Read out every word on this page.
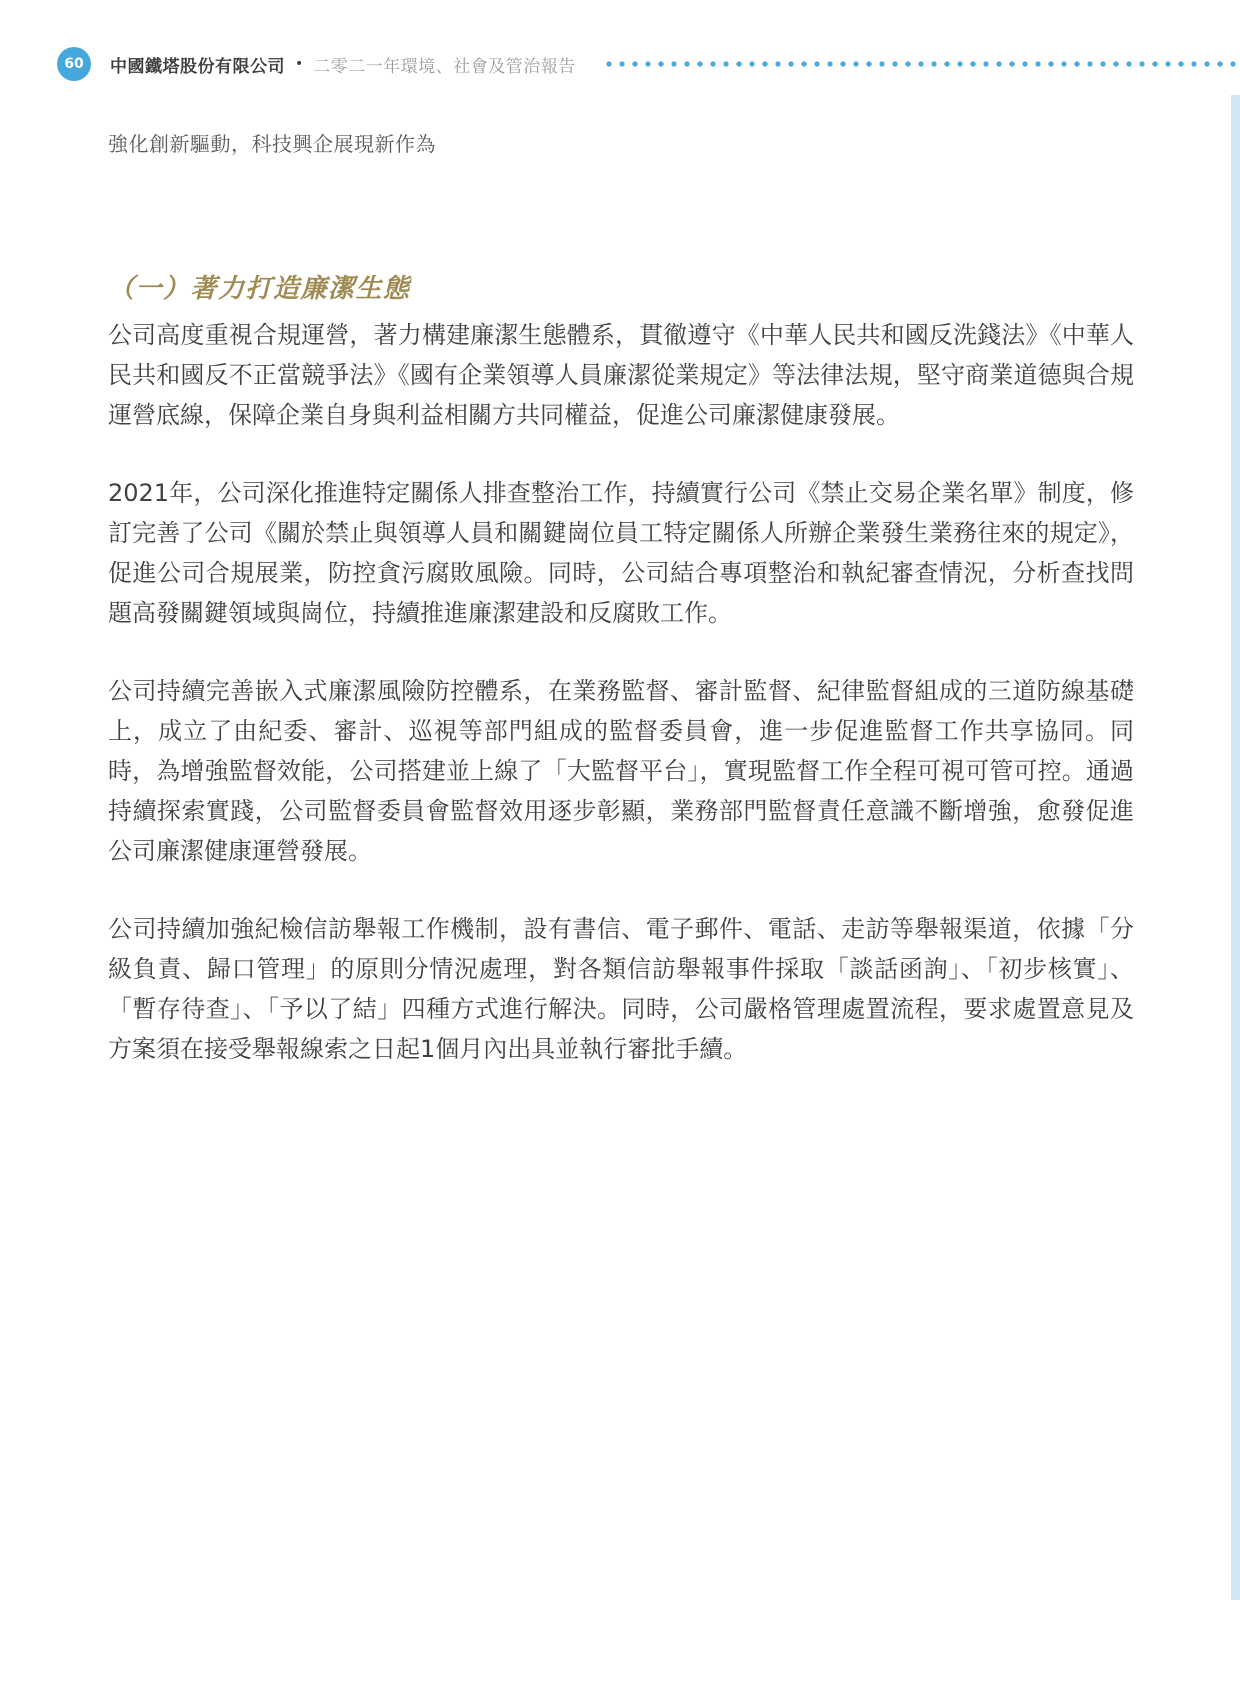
60	中國鐵塔股份有限公司 • 二零二一年環境、社會及管治報告
強化創新驅動，科技興企展現新作為
（一）著力打造廉潔生態

公司高度重視合規運營，著力構建廉潔生態體系，貫徹遵守《中華人民共和國反洗錢法》《中華人民共和國反不正當競爭法》《國有企業領導人員廉潔從業規定》等法律法規，堅守商業道德與合規運營底線，保障企業自身與利益相關方共同權益，促進公司廉潔健康發展。

2021年，公司深化推進特定關係人排查整治工作，持續實行公司《禁止交易企業名單》制度，修訂完善了公司《關於禁止與領導人員和關鍵崗位員工特定關係人所辦企業發生業務往來的規定》，促進公司合規展業，防控貪污腐敗風險。同時，公司結合專項整治和執紀審查情況，分析查找問題高發關鍵領域與崗位，持續推進廉潔建設和反腐敗工作。

公司持續完善嵌入式廉潔風險防控體系，在業務監督、審計監督、紀律監督組成的三道防線基礎上，成立了由紀委、審計、巡視等部門組成的監督委員會，進一步促進監督工作共享協同。同時，為增強監督效能，公司搭建並上線了「大監督平台」，實現監督工作全程可視可管可控。通過持續探索實踐，公司監督委員會監督效用逐步彰顯，業務部門監督責任意識不斷增強，愈發促進公司廉潔健康運營發展。

公司持續加強紀檢信訪舉報工作機制，設有書信、電子郵件、電話、走訪等舉報渠道，依據「分級負責、歸口管理」的原則分情況處理，對各類信訪舉報事件採取「談話函詢」、「初步核實」、「暫存待查」、「予以了結」四種方式進行解決。同時，公司嚴格管理處置流程，要求處置意見及方案須在接受舉報線索之日起1個月內出具並執行審批手續。
